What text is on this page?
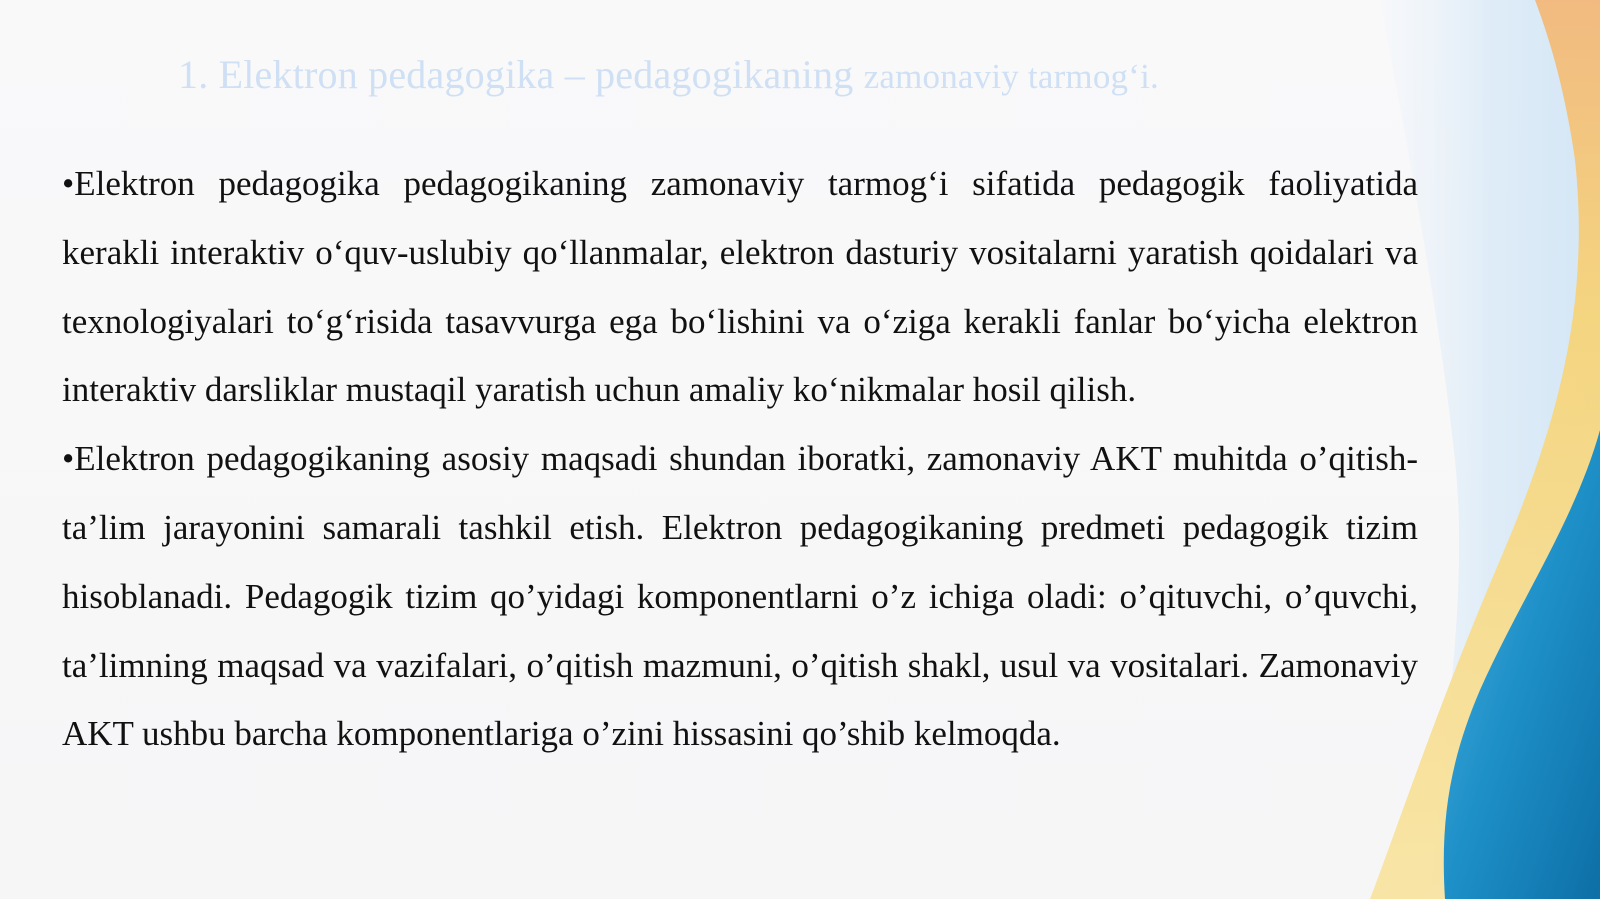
1. Elektron pedagogika – pedagogikaning zamonaviy tarmog‘i.

•Elektron pedagogika pedagogikaning zamonaviy tarmog‘i sifatida pedagogik faoliyatida kerakli interaktiv o‘quv-uslubiy qo‘llanmalar, elektron dasturiy vositalarni yaratish qoidalari va texnologiyalari to‘g‘risida tasavvurga ega bo‘lishini va o‘ziga kerakli fanlar bo‘yicha elektron interaktiv darsliklar mustaqil yaratish uchun amaliy ko‘nikmalar hosil qilish.

•Elektron pedagogikaning asosiy maqsadi shundan iboratki, zamonaviy AKT muhitda o’qitish-ta’lim jarayonini samarali tashkil etish. Elektron pedagogikaning predmeti pedagogik tizim hisoblanadi. Pedagogik tizim qo’yidagi komponentlarni o’z ichiga oladi: o’qituvchi, o’quvchi, ta’limning maqsad va vazifalari, o’qitish mazmuni, o’qitish shakl, usul va vositalari. Zamonaviy AKT ushbu barcha komponentlariga o’zini hissasini qo’shib kelmoqda.
